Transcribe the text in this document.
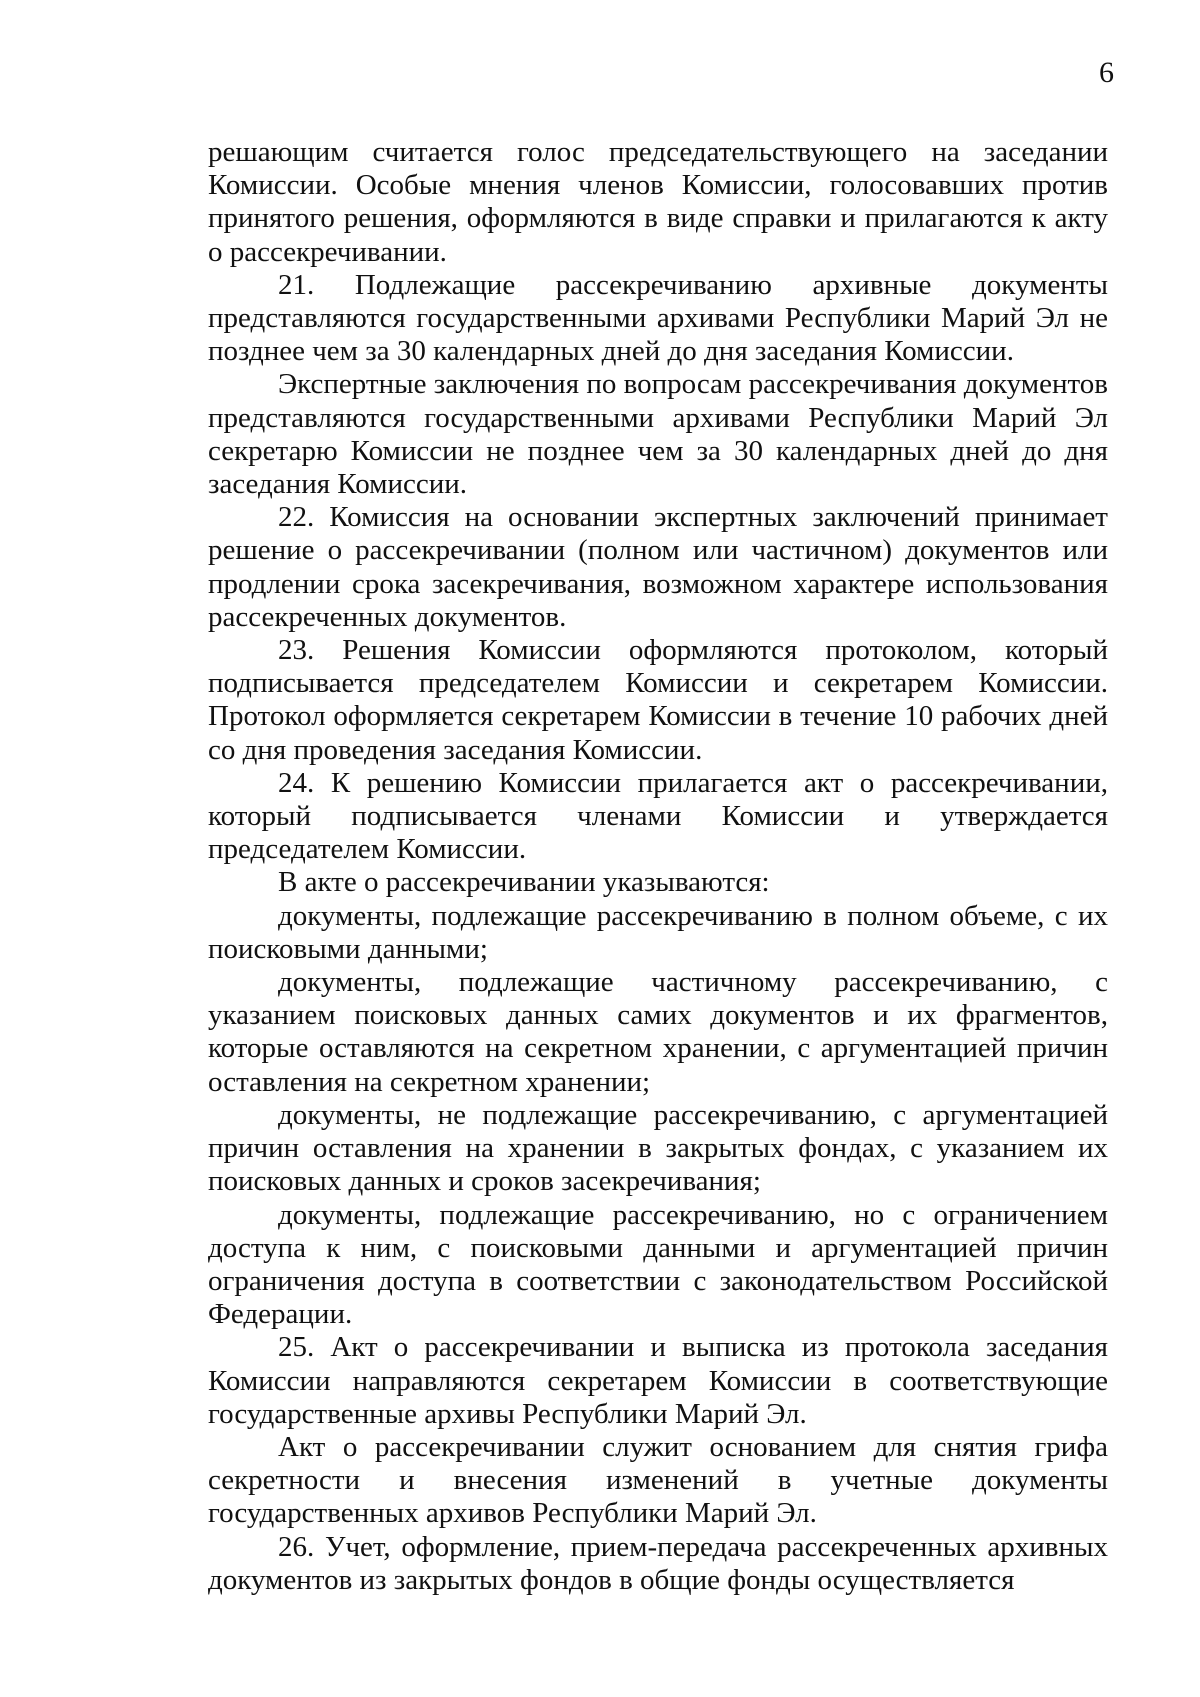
6

решающим считается голос председательствующего на заседании Комиссии. Особые мнения членов Комиссии, голосовавших против принятого решения, оформляются в виде справки и прилагаются к акту о рассекречивании.

21. Подлежащие рассекречиванию архивные документы представляются государственными архивами Республики Марий Эл не позднее чем за 30 календарных дней до дня заседания Комиссии.

Экспертные заключения по вопросам рассекречивания документов представляются государственными архивами Республики Марий Эл секретарю Комиссии не позднее чем за 30 календарных дней до дня заседания Комиссии.

22. Комиссия на основании экспертных заключений принимает решение о рассекречивании (полном или частичном) документов или продлении срока засекречивания, возможном характере использования рассекреченных документов.

23. Решения Комиссии оформляются протоколом, который подписывается председателем Комиссии и секретарем Комиссии. Протокол оформляется секретарем Комиссии в течение 10 рабочих дней со дня проведения заседания Комиссии.

24. К решению Комиссии прилагается акт о рассекречивании, который подписывается членами Комиссии и утверждается председателем Комиссии.

В акте о рассекречивании указываются:

документы, подлежащие рассекречиванию в полном объеме, с их поисковыми данными;

документы, подлежащие частичному рассекречиванию, с указанием поисковых данных самих документов и их фрагментов, которые оставляются на секретном хранении, с аргументацией причин оставления на секретном хранении;

документы, не подлежащие рассекречиванию, с аргументацией причин оставления на хранении в закрытых фондах, с указанием их поисковых данных и сроков засекречивания;

документы, подлежащие рассекречиванию, но с ограничением доступа к ним, с поисковыми данными и аргументацией причин ограничения доступа в соответствии с законодательством Российской Федерации.

25. Акт о рассекречивании и выписка из протокола заседания Комиссии направляются секретарем Комиссии в соответствующие государственные архивы Республики Марий Эл.

Акт о рассекречивании служит основанием для снятия грифа секретности и внесения изменений в учетные документы государственных архивов Республики Марий Эл.

26. Учет, оформление, прием-передача рассекреченных архивных документов из закрытых фондов в общие фонды осуществляется
